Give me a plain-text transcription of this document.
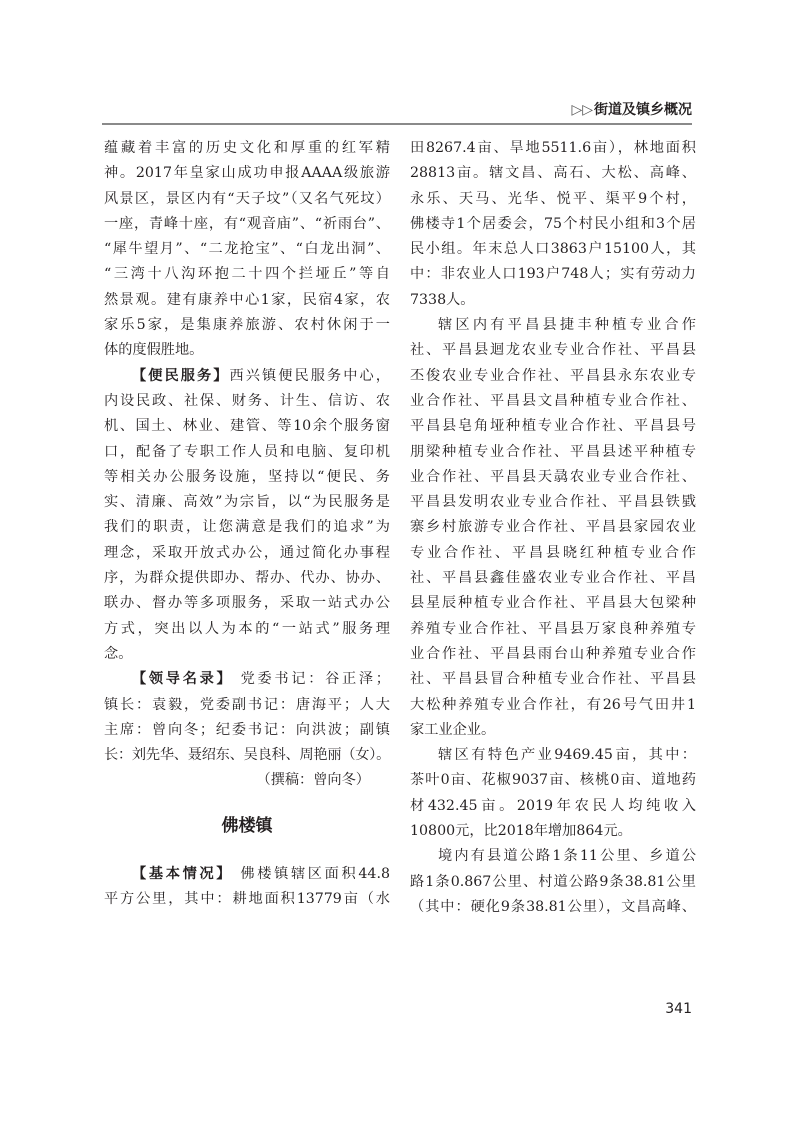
▷▷街道及镇乡概况
蕴藏着丰富的历史文化和厚重的红军精
神。2017年皇家山成功申报AAAA级旅游
风景区，景区内有“天子坟”（又名气死坟）
一座，青峰十座，有“观音庙”、“祈雨台”、
“犀牛望月”、“二龙抢宝”、“白龙出洞”、
“三湾十八沟环抱二十四个拦垭丘”等自
然景观。建有康养中心1家，民宿4家，农
家乐5家，是集康养旅游、农村休闲于一
体的度假胜地。
【便民服务】西兴镇便民服务中心，
内设民政、社保、财务、计生、信访、农
机、国土、林业、建管、等10余个服务窗
口，配备了专职工作人员和电脑、复印机
等相关办公服务设施，坚持以“便民、务
实、清廉、高效”为宗旨，以“为民服务是
我们的职责，让您满意是我们的追求”为
理念，采取开放式办公，通过简化办事程
序，为群众提供即办、帮办、代办、协办、
联办、督办等多项服务，采取一站式办公
方式，突出以人为本的“一站式”服务理
念。
【领导名录】 党委书记：谷正泽；
镇长：袁毅，党委副书记：唐海平；人大
主席：曾向冬；纪委书记：向洪波；副镇
长：刘先华、聂绍东、吴良科、周艳丽（女）。
（撰稿：曾向冬）
佛楼镇
【基本情况】 佛楼镇辖区面积44.8
平方公里，其中：耕地面积13779亩（水
田8267.4亩、旱地5511.6亩），林地面积
28813亩。辖文昌、高石、大松、高峰、
永乐、天马、光华、悦平、渠平9个村，
佛楼寺1个居委会，75个村民小组和3个居
民小组。年末总人口3863户15100人，其
中：非农业人口193户748人；实有劳动力
7338人。
辖区内有平昌县捷丰种植专业合作
社、平昌县迴龙农业专业合作社、平昌县
丕俊农业专业合作社、平昌县永东农业专
业合作社、平昌县文昌种植专业合作社、
平昌县皂角垭种植专业合作社、平昌县号
朋梁种植专业合作社、平昌县述平种植专
业合作社、平昌县天骉农业专业合作社、
平昌县发明农业专业合作社、平昌县铁戥
寨乡村旅游专业合作社、平昌县家园农业
专业合作社、平昌县晓红种植专业合作
社、平昌县鑫佳盛农业专业合作社、平昌
县星辰种植专业合作社、平昌县大包梁种
养殖专业合作社、平昌县万家良种养殖专
业合作社、平昌县雨台山种养殖专业合作
社、平昌县冒合种植专业合作社、平昌县
大松种养殖专业合作社，有26号气田井1
家工业企业。
辖区有特色产业9469.45亩，其中：
茶叶0亩、花椒9037亩、核桃0亩、道地药
材432.45亩。2019年农民人均纯收入
10800元，比2018年增加864元。
境内有县道公路1条11公里、乡道公
路1条0.867公里、村道公路9条38.81公里
（其中：硬化9条38.81公里），文昌高峰、
341
